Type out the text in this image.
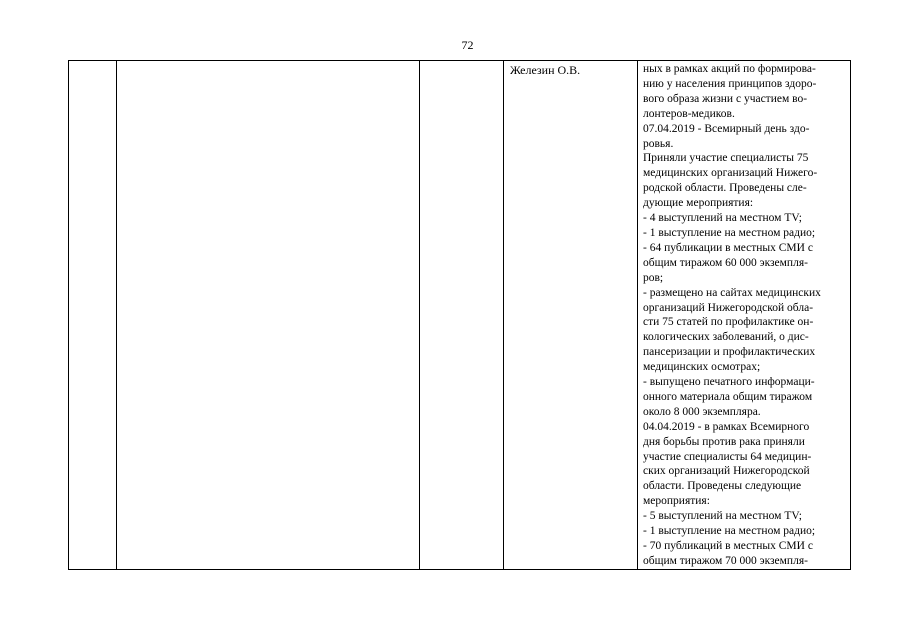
72

Железин О.В.	ных в рамках акций по формирова-
нию у населения принципов здоро-
вого образа жизни с участием во-
лонтеров-медиков.
07.04.2019 - Всемирный день здо-
ровья.
Приняли участие специалисты 75
медицинских организаций Нижего-
родской области. Проведены сле-
дующие мероприятия:
- 4 выступлений на местном TV;
- 1 выступление на местном радио;
- 64 публикации в местных СМИ с
общим тиражом 60 000 экземпля-
ров;
- размещено на сайтах медицинских
организаций Нижегородской обла-
сти 75 статей по профилактике он-
кологических заболеваний, о дис-
пансеризации и профилактических
медицинских осмотрах;
- выпущено печатного информаци-
онного материала общим тиражом
около 8 000 экземпляра.
04.04.2019 - в рамках Всемирного
дня борьбы против рака приняли
участие специалисты 64 медицин-
ских организаций Нижегородской
области. Проведены следующие
мероприятия:
- 5 выступлений на местном TV;
- 1 выступление на местном радио;
- 70 публикаций в местных СМИ с
общим тиражом 70 000 экземпля-
